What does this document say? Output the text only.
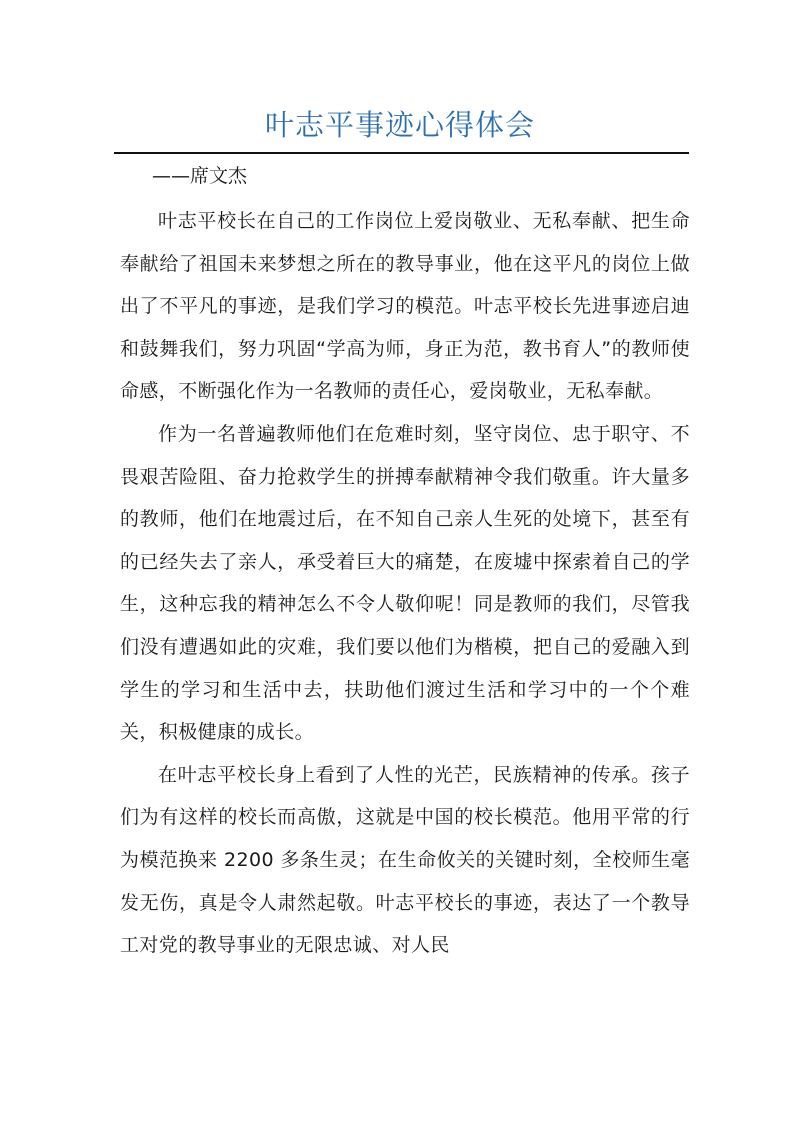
叶志平事迹心得体会
——席文杰

叶志平校长在自己的工作岗位上爱岗敬业、无私奉献、把生命奉献给了祖国未来梦想之所在的教导事业，他在这平凡的岗位上做出了不平凡的事迹，是我们学习的模范。叶志平校长先进事迹启迪和鼓舞我们，努力巩固“学高为师，身正为范，教书育人”的教师使命感，不断强化作为一名教师的责任心，爱岗敬业，无私奉献。

作为一名普遍教师他们在危难时刻，坚守岗位、忠于职守、不畏艰苦险阻、奋力抢救学生的拼搏奉献精神令我们敬重。许大量多的教师，他们在地震过后，在不知自己亲人生死的处境下，甚至有的已经失去了亲人，承受着巨大的痛楚，在废墟中探索着自己的学生，这种忘我的精神怎么不令人敬仰呢！同是教师的我们，尽管我们没有遭遇如此的灾难，我们要以他们为楷模，把自己的爱融入到学生的学习和生活中去，扶助他们渡过生活和学习中的一个个难关，积极健康的成长。

在叶志平校长身上看到了人性的光芒，民族精神的传承。孩子们为有这样的校长而高傲，这就是中国的校长模范。他用平常的行为模范换来 2200 多条生灵；在生命攸关的关键时刻，全校师生毫发无伤，真是令人肃然起敬。叶志平校长的事迹，表达了一个教导工对党的教导事业的无限忠诚、对人民
